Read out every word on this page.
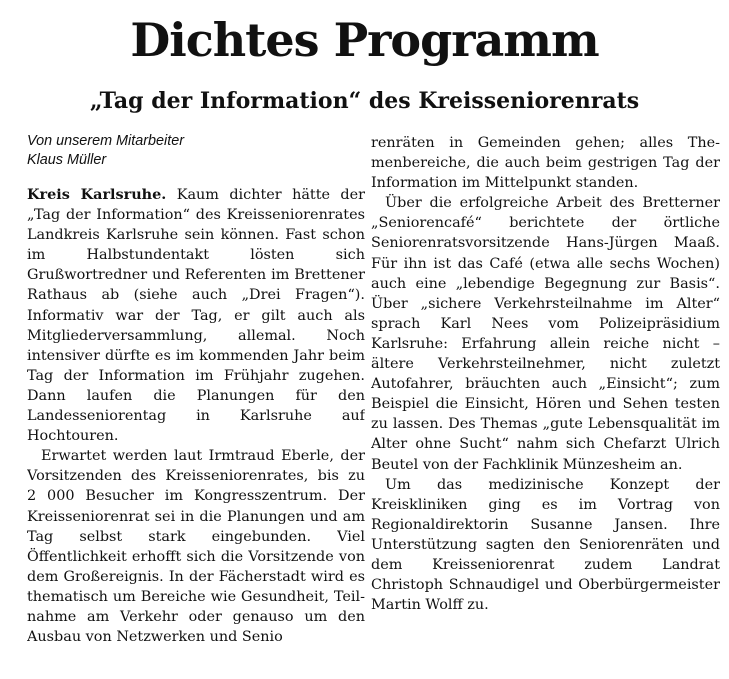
Dichtes Programm
„Tag der Information“ des Kreisseniorenrats
Von unserem Mitarbeiter
Klaus Müller

Kreis Karlsruhe. Kaum dichter hätte der „Tag der Information“ des Kreisseniorenrates Landkreis Karlsruhe sein können. Fast schon im Halbstundentakt lösten sich Grußwortredner und Referenten im Brettener Rathaus ab (siehe auch „Drei Fragen“). Informativ war der Tag, er gilt auch als Mitgliederversammlung, allemal. Noch intensiver dürfte es im kommenden Jahr beim Tag der Information im Frühjahr zugehen. Dann laufen die Planungen für den Landesseniorentag in Karlsruhe auf Hochtouren.

Erwartet werden laut Irmtraud Eberle, der Vorsitzenden des Kreisseniorenrates, bis zu 2 000 Besucher im Kongresszentrum. Der Kreisseniorenrat sei in die Planungen und am Tag selbst stark eingebunden. Viel Öffentlichkeit erhofft sich die Vorsitzende von dem Großereignis. In der Fächerstadt wird es thematisch um Bereiche wie Gesundheit, Teilnahme am Verkehr oder genauso um den Ausbau von Netzwerken und Senio

renräten in Gemeinden gehen; alles Themenbereiche, die auch beim gestrigen Tag der Information im Mittelpunkt standen.

Über die erfolgreiche Arbeit des Bretterner „Seniorencafé“ berichtete der örtliche Seniorenratsvorsitzende Hans-Jürgen Maaß. Für ihn ist das Café (etwa alle sechs Wochen) auch eine „lebendige Begegnung zur Basis“. Über „sichere Verkehrsteilnahme im Alter“ sprach Karl Nees vom Polizeipräsidium Karlsruhe: Erfahrung allein reiche nicht – ältere Verkehrsteilnehmer, nicht zuletzt Autofahrer, bräuchten auch „Einsicht“; zum Beispiel die Einsicht, Hören und Sehen testen zu lassen. Des Themas „gute Lebensqualität im Alter ohne Sucht“ nahm sich Chefarzt Ulrich Beutel von der Fachklinik Münzesheim an.

Um das medizinische Konzept der Kreiskliniken ging es im Vortrag von Regionaldirektorin Susanne Jansen. Ihre Unterstützung sagten den Seniorenräten und dem Kreisseniorenrat zudem Landrat Christoph Schnaudigel und Oberbürgermeister Martin Wolff zu.
